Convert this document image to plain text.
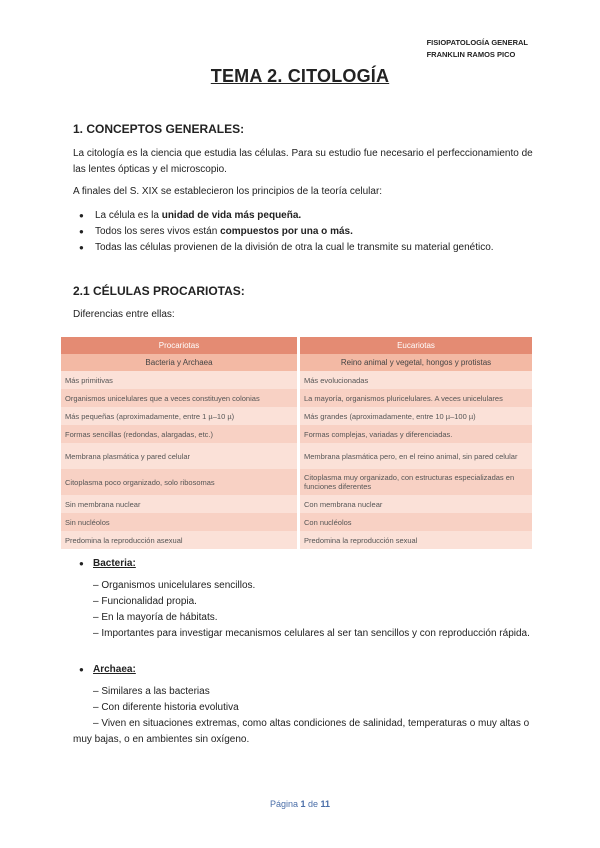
FISIOPATOLOGÍA GENERAL
FRANKLIN RAMOS PICO
TEMA 2. CITOLOGÍA
1. CONCEPTOS GENERALES:
La citología es la ciencia que estudia las células. Para su estudio fue necesario el perfeccionamiento de las lentes ópticas y el microscopio.
A finales del S. XIX se establecieron los principios de la teoría celular:
● La célula es la unidad de vida más pequeña.
● Todos los seres vivos están compuestos por una o más.
● Todas las células provienen de la división de otra la cual le transmite su material genético.
2.1 CÉLULAS PROCARIOTAS:
Diferencias entre ellas:
Procariotas	Eucariotas
Bacteria y Archaea	Reino animal y vegetal, hongos y protistas
Más primitivas	Más evolucionadas
Organismos unicelulares que a veces constituyen colonias	La mayoría, organismos pluricelulares. A veces unicelulares
Más pequeñas (aproximadamente, entre 1 µ–10 µ)	Más grandes (aproximadamente, entre 10 µ–100 µ)
Formas sencillas (redondas, alargadas, etc.)	Formas complejas, variadas y diferenciadas.
Membrana plasmática y pared celular	Membrana plasmática pero, en el reino animal, sin pared celular
Citoplasma poco organizado, solo ribosomas	Citoplasma muy organizado, con estructuras especializadas en funciones diferentes
Sin membrana nuclear	Con membrana nuclear
Sin nucléolos	Con nucléolos
Predomina la reproducción asexual	Predomina la reproducción sexual
● Bacteria:
– Organismos unicelulares sencillos.
– Funcionalidad propia.
– En la mayoría de hábitats.
– Importantes para investigar mecanismos celulares al ser tan sencillos y con reproducción rápida.
● Archaea:
– Similares a las bacterias
– Con diferente historia evolutiva
– Viven en situaciones extremas, como altas condiciones de salinidad, temperaturas o muy altas o muy bajas, o en ambientes sin oxígeno.
Página 1 de 11
